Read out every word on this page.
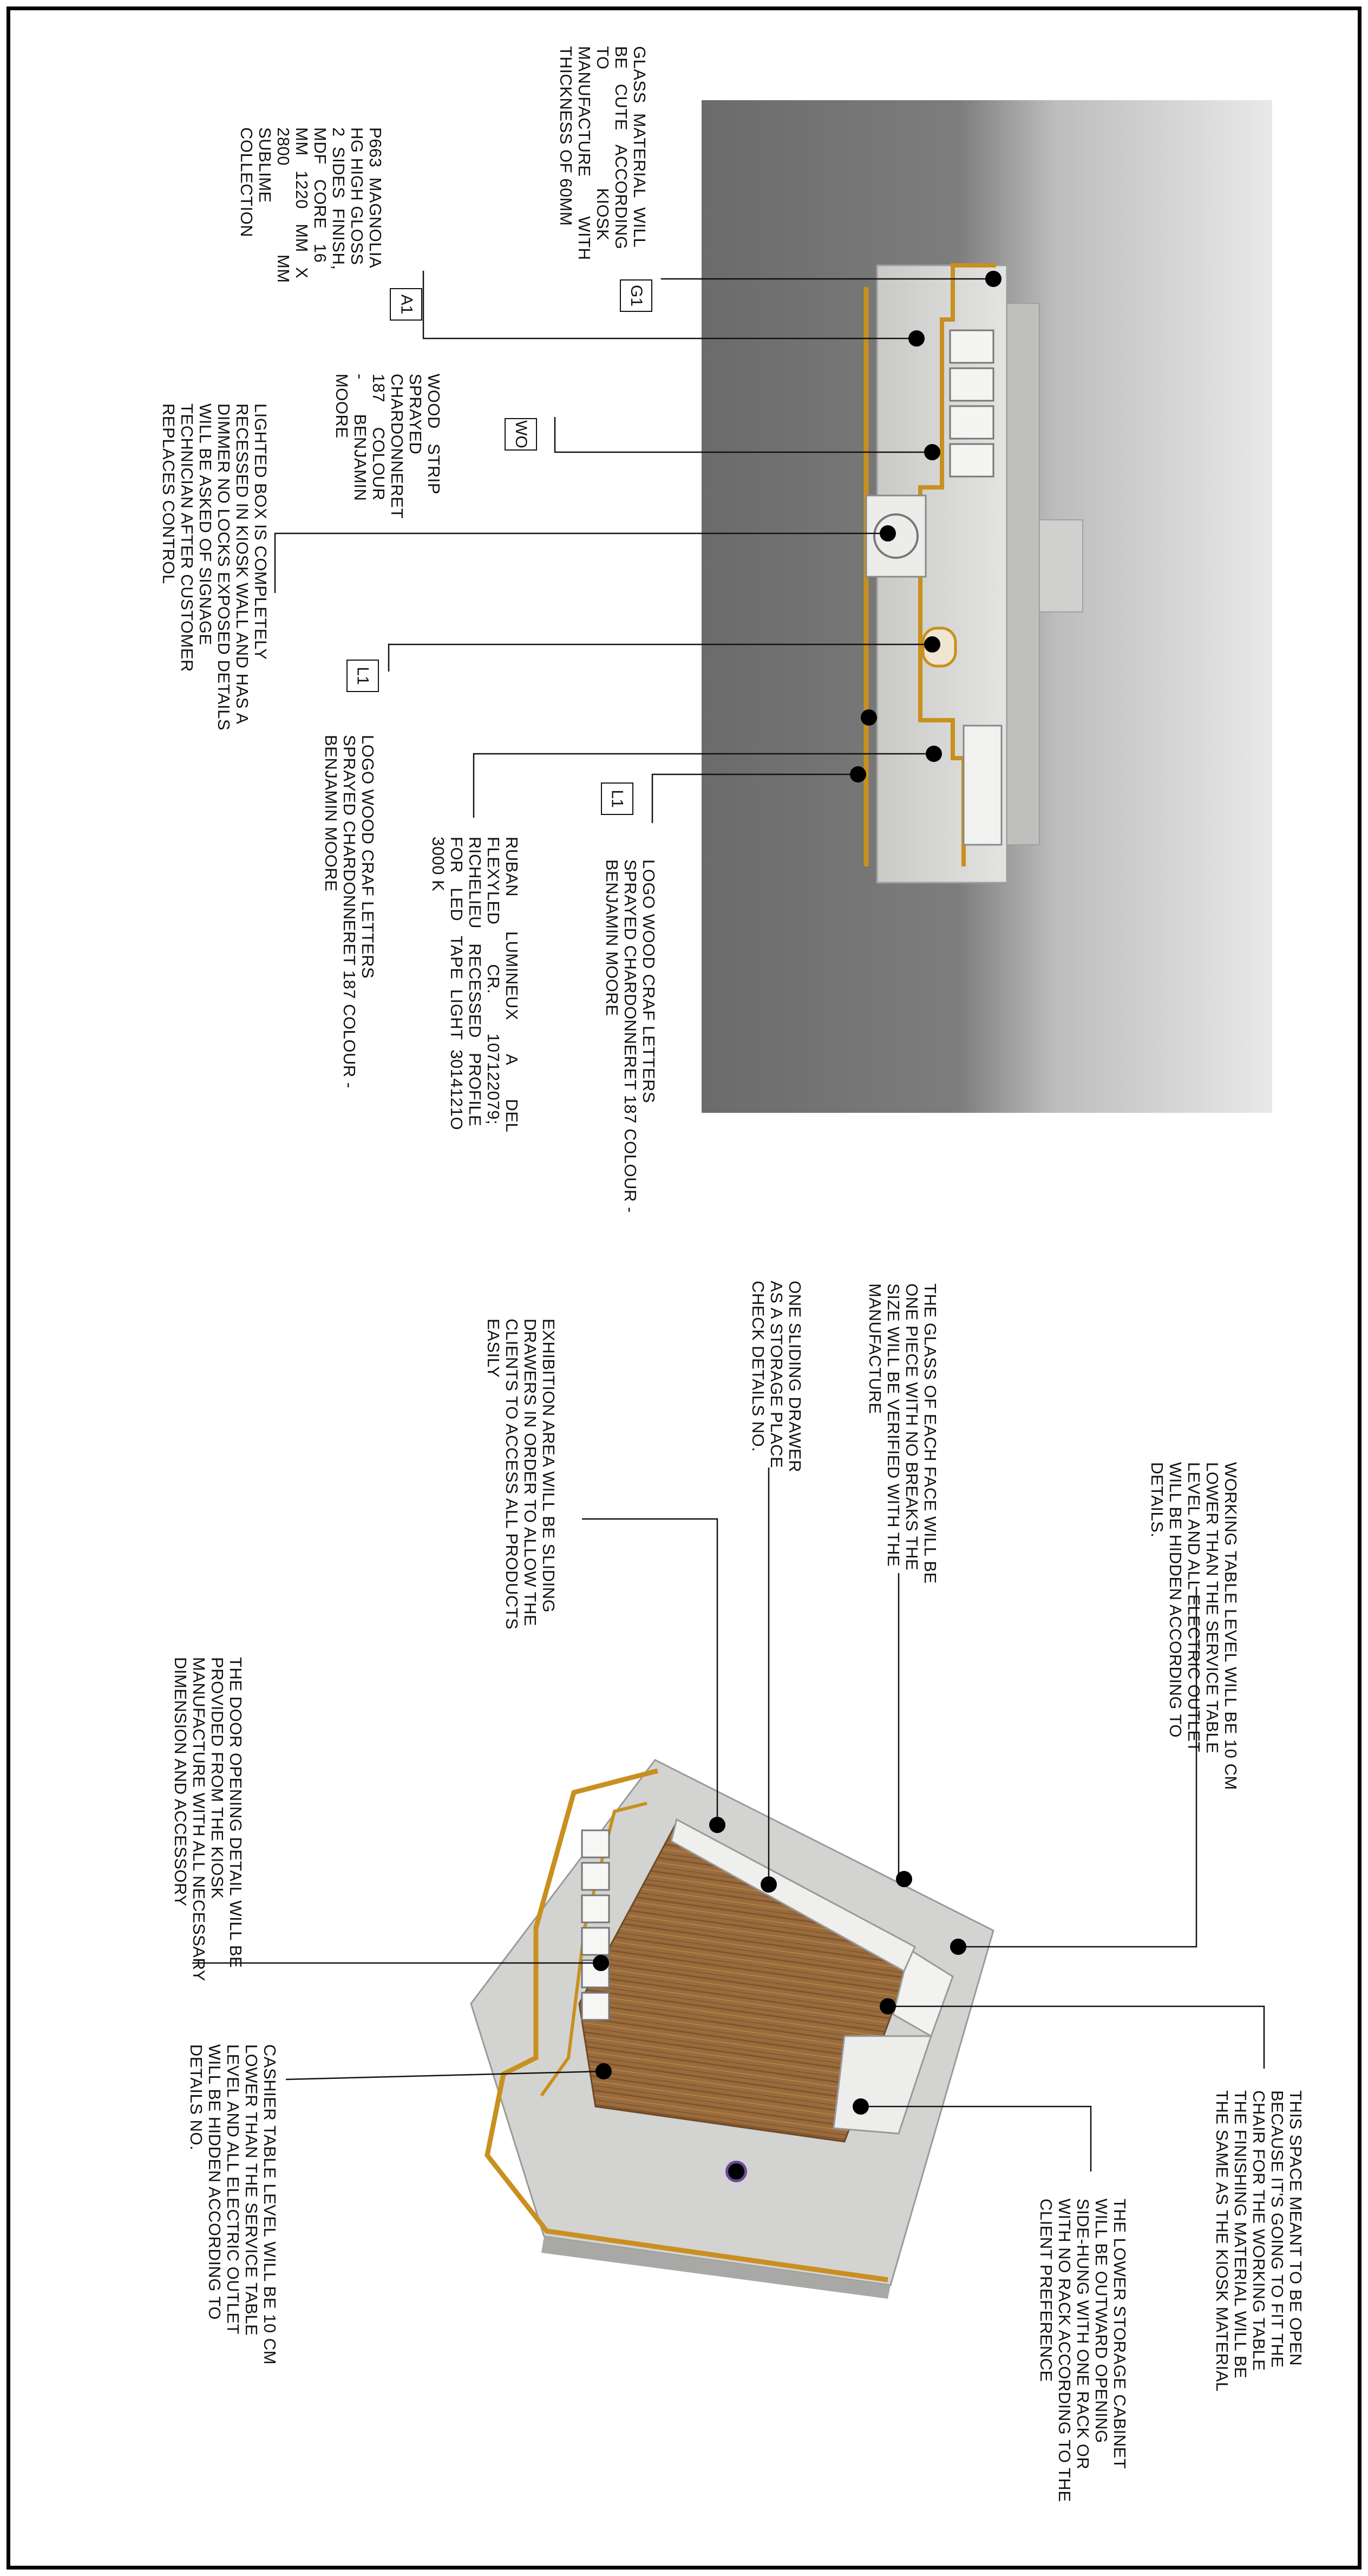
G1
A1
WO
L1
L1
GLASS  MATERIAL  WILL
BE   CUTE   ACCORDING
TO                        KIOSK
MANUFACTURE        WITH
THICKNESS OF 60MM
P663  MAGNOLIA
HG HIGH GLOSS
2  SIDES  FINISH,
MDF   CORE   16
MM   1220   MM   X
2800                  MM
SUBLIME
COLLECTION
WOOD   STRIP
SPRAYED
CHARDONNERET
187     COLOUR
-       BENJAMIN
MOORE
LIGHTED BOX IS COMPLETELY
RECESSED IN KIOSK WALL AND HAS A
DIMMER NO LOCKS EXPOSED DETAILS
WILL BE ASKED OF SIGNAGE
TECHNICIAN AFTER CUSTOMER
REPLACES CONTROL
LOGO WOOD CRAF LETTERS
SPRAYED CHARDONNERET 187 COLOUR -
BENJAMIN MOORE	RUBAN       LUMINEUX       A       DEL
FLEXYLED        CR.        107122079;
RICHELIEU   RECESSED   PROFILE
FOR   LED   TAPE  LIGHT  3014121O
3000 K	LOGO WOOD CRAF LETTERS
SPRAYED CHARDONNERET 187 COLOUR -
BENJAMIN MOORE
WORKING TABLE LEVEL WILL BE 10 CM
LOWER THAN THE SERVICE TABLE
LEVEL AND ALL ELECTRIC OUTLET
WILL BE HIDDEN ACCORDING TO
DETAILS.
THE GLASS OF EACH FACE WILL BE
ONE PIECE WITH NO BREAKS THE
SIZE WILL BE VERIFIED WITH THE
MANUFACTURE
ONE SLIDING DRAWER
AS A STORAGE PLACE
CHECK DETAILS NO.
EXHIBITION AREA WILL BE SLIDING
DRAWERS IN ORDER TO ALLOW THE
CLIENTS TO ACCESS ALL PRODUCTS
EASILY
THE DOOR OPENING DETAIL WILL BE
PROVIDED FROM THE KIOSK
MANUFACTURE WITH ALL NECESSARY
DIMENSION AND ACCESSORY
THIS SPACE MEANT TO BE OPEN
BECAUSE IT'S GOING TO FIT THE
CHAIR FOR THE WORKING TABLE
THE FINISHING MATERIAL WILL BE
THE SAME AS THE KIOSK MATERIAL
THE LOWER STORAGE CABINET
WILL BE OUTWARD OPENING
SIDE-HUNG WITH ONE RACK OR
WITH NO RACK ACCORDING TO THE
CLIENT PREFERENCE
CASHIER TABLE LEVEL WILL BE 10 CM
LOWER THAN THE SERVICE TABLE
LEVEL AND ALL ELECTRIC OUTLET
WILL BE HIDDEN ACCORDING TO
DETAILS NO.
